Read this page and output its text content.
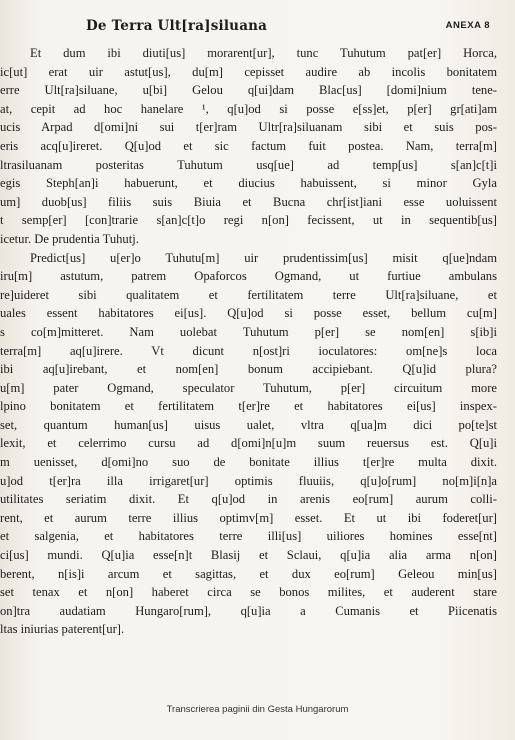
De Terra Ult[ra]siluana	ANEXA 8
Et dum ibi diuti[us] morarent[ur], tunc Tuhutum pat[er] Horca,
ic[ut] erat uir astut[us], du[m] cepisset audire ab incolis bonitatem
erre Ult[ra]siluane, u[bi] Gelou q[ui]dam Blac[us] [domi]nium tene-
at, cepit ad hoc hanelare ¹, q[u]od si posse e[ss]et, p[er] gr[ati]am
ucis Arpad d[omi]ni sui t[er]ram Ultr[ra]siluanam sibi et suis pos-
eris acq[u]ireret. Q[u]od et sic factum fuit postea. Nam, terra[m]
ltrasiluanam posteritas Tuhutum usq[ue] ad temp[us] s[an]c[t]i
egis Steph[an]i habuerunt, et diucius habuissent, si minor Gyla
um] duob[us] filiis suis Biuia et Bucna chr[ist]iani esse uoluissent
t semp[er] [con]trarie s[an]c[t]o regi n[on] fecissent, ut in sequentib[us]
icetur. De prudentia Tuhutj.
Predict[us] u[er]o Tuhutu[m] uir prudentissim[us] misit q[ue]ndam
iru[m] astutum, patrem Opaforcos Ogmand, ut furtiue ambulans
re]uideret sibi qualitatem et fertilitatem terre Ult[ra]siluane, et
uales essent habitatores ei[us]. Q[u]od si posse esset, bellum cu[m]
s co[m]mitteret. Nam uolebat Tuhutum p[er] se nom[en] s[ib]i
terra[m] aq[u]irere. Vt dicunt n[ost]ri ioculatores: om[ne]s loca
ibi aq[u]irebant, et nom[en] bonum accipiebant. Q[u]id plura?
u[m] pater Ogmand, speculator Tuhutum, p[er] circuitum more
lpino bonitatem et fertilitatem t[er]re et habitatores ei[us] inspex-
set, quantum human[us] uisus ualet, vltra q[ua]m dici po[te]st
lexit, et celerrimo cursu ad d[omi]n[u]m suum reuersus est. Q[u]i
m uenisset, d[omi]no suo de bonitate illius t[er]re multa dixit.
u]od t[er]ra illa irrigaret[ur] optimis fluuiis, q[u]o[rum] no[m]i[n]a
utilitates seriatim dixit. Et q[u]od in arenis eo[rum] aurum colli-
rent, et aurum terre illius optimv[m] esset. Et ut ibi foderet[ur]
et salgenia, et habitatores terre illi[us] uiliores homines esse[nt]
ci[us] mundi. Q[u]ia esse[n]t Blasij et Sclaui, q[u]ia alia arma n[on]
berent, n[is]i arcum et sagittas, et dux eo[rum] Geleou min[us]
set tenax et n[on] haberet circa se bonos milites, et auderent stare
on]tra audatiam Hungaro[rum], q[u]ia a Cumanis et Piicenatis
ltas iniurias paterent[ur].
Transcrierea paginii din Gesta Hungarorum
